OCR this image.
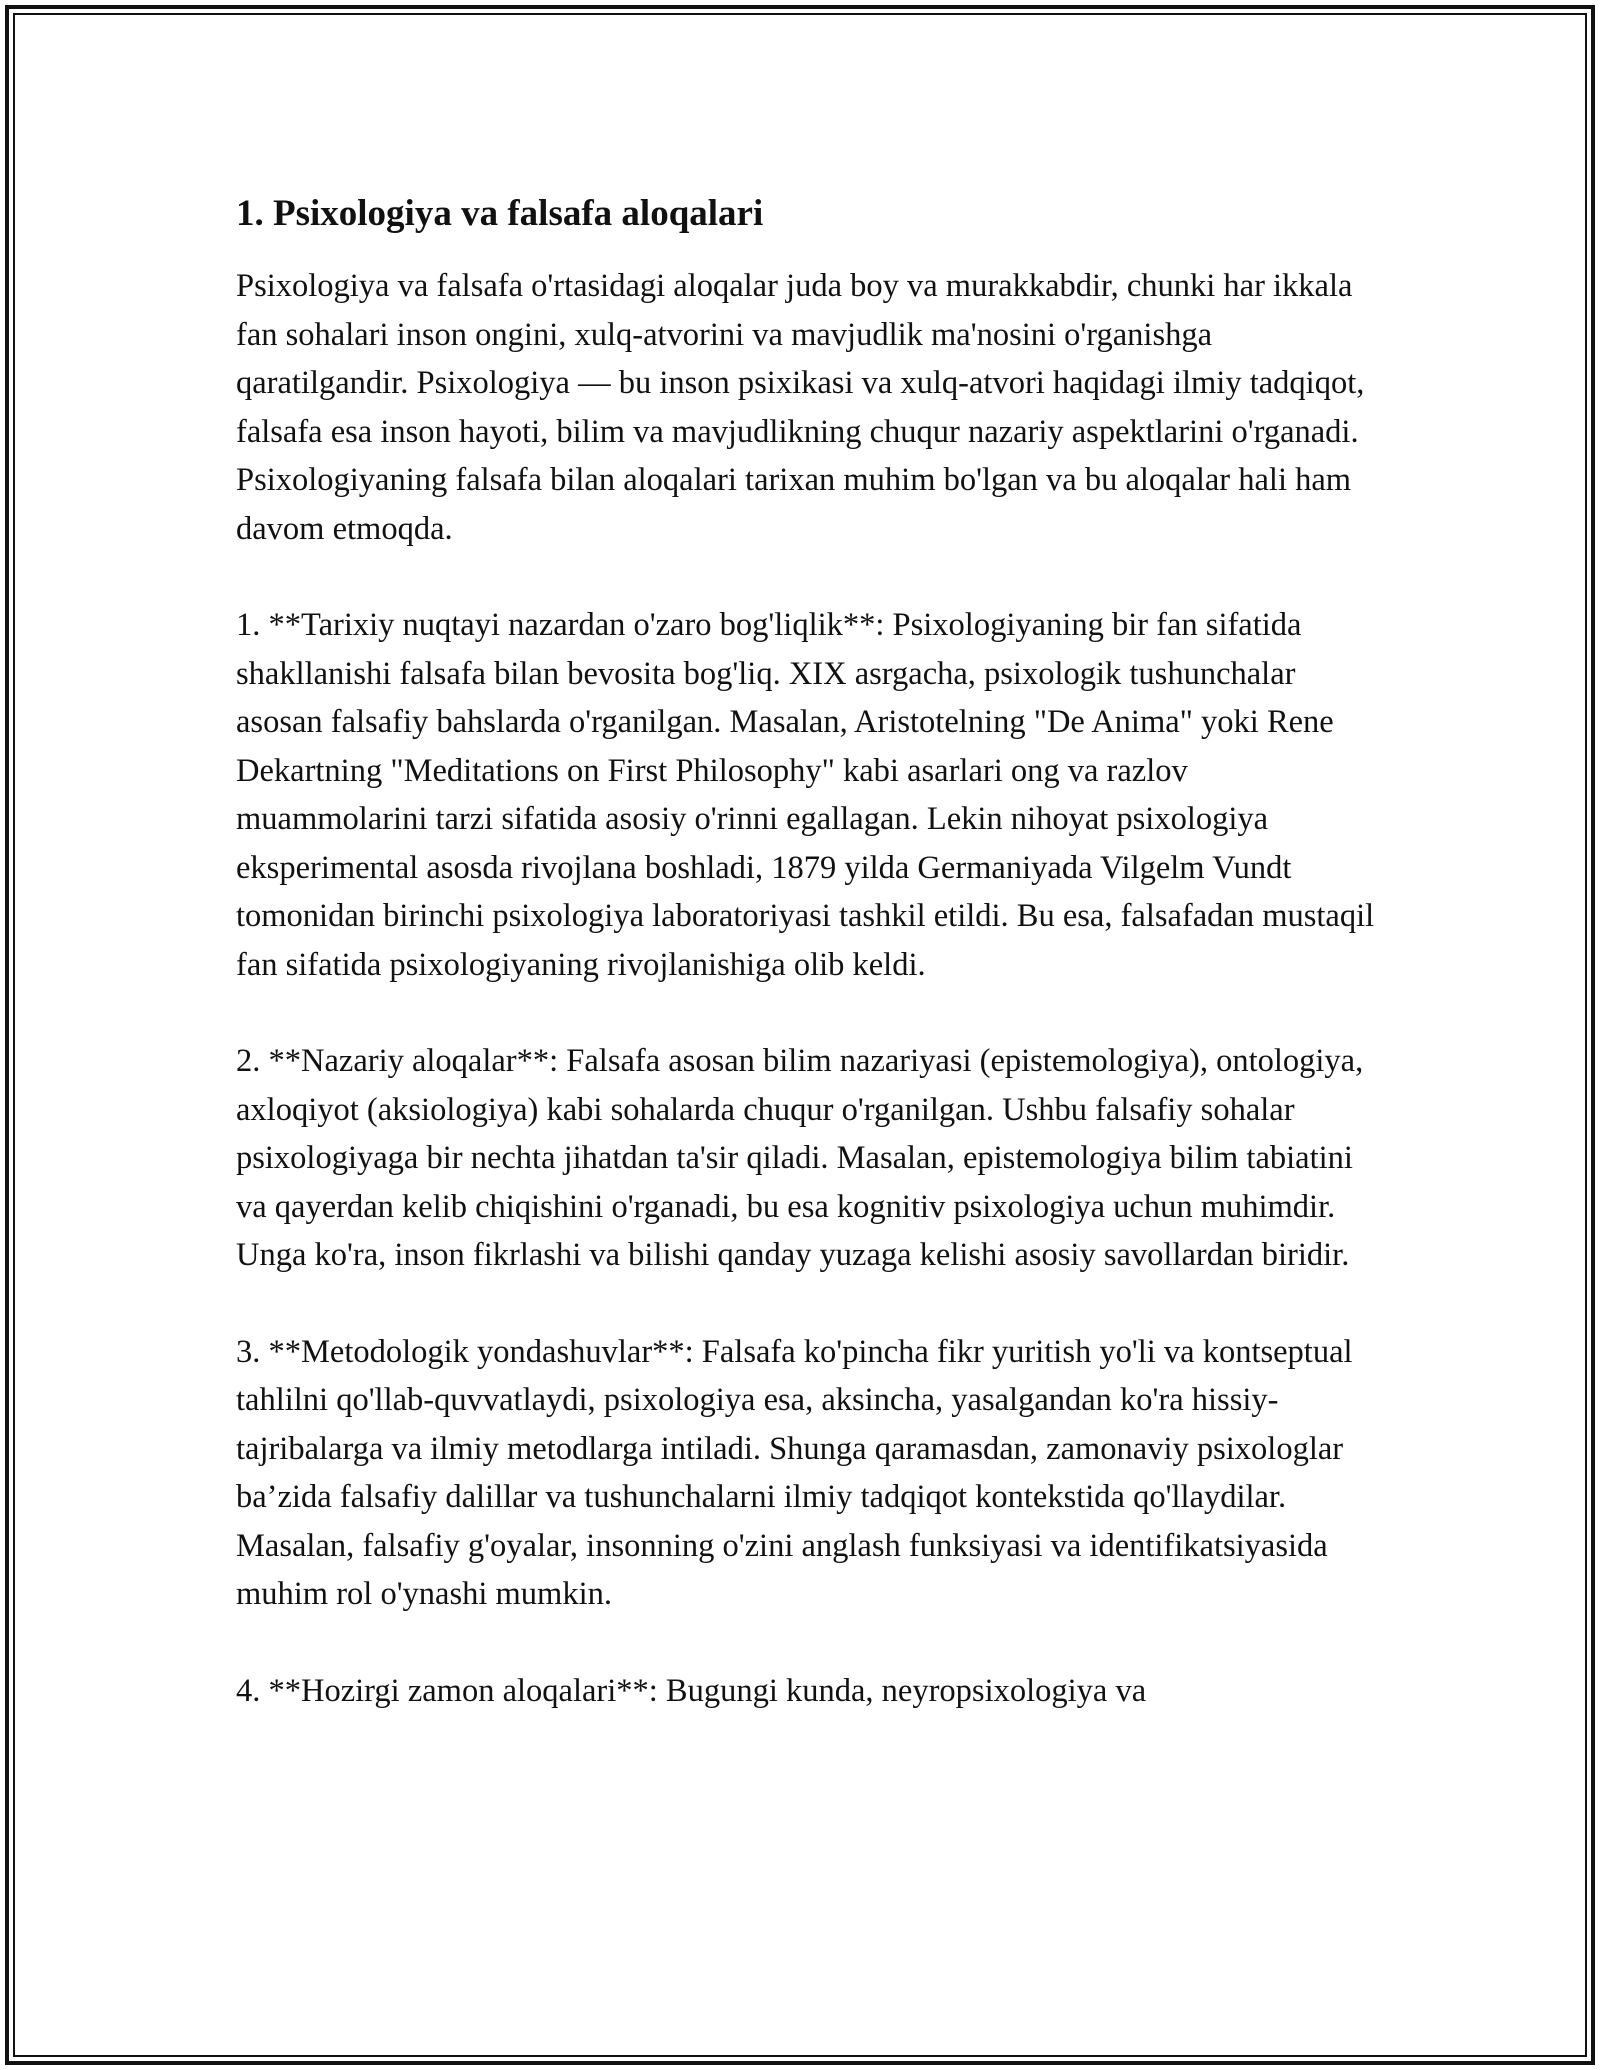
1. Psixologiya va falsafa aloqalari

Psixologiya va falsafa o'rtasidagi aloqalar juda boy va murakkabdir, chunki har ikkala fan sohalari inson ongini, xulq-atvorini va mavjudlik ma'nosini o'rganishga qaratilgandir. Psixologiya — bu inson psixikasi va xulq-atvori haqidagi ilmiy tadqiqot, falsafa esa inson hayoti, bilim va mavjudlikning chuqur nazariy aspektlarini o'rganadi. Psixologiyaning falsafa bilan aloqalari tarixan muhim bo'lgan va bu aloqalar hali ham davom etmoqda.

1. **Tarixiy nuqtayi nazardan o'zaro bog'liqlik**: Psixologiyaning bir fan sifatida shakllanishi falsafa bilan bevosita bog'liq. XIX asrgacha, psixologik tushunchalar asosan falsafiy bahslarda o'rganilgan. Masalan, Aristotelning "De Anima" yoki Rene Dekartning "Meditations on First Philosophy" kabi asarlari ong va razlov muammolarini tarzi sifatida asosiy o'rinni egallagan. Lekin nihoyat psixologiya eksperimental asosda rivojlana boshladi, 1879 yilda Germaniyada Vilgelm Vundt tomonidan birinchi psixologiya laboratoriyasi tashkil etildi. Bu esa, falsafadan mustaqil fan sifatida psixologiyaning rivojlanishiga olib keldi.

2. **Nazariy aloqalar**: Falsafa asosan bilim nazariyasi (epistemologiya), ontologiya, axloqiyot (aksiologiya) kabi sohalarda chuqur o'rganilgan. Ushbu falsafiy sohalar psixologiyaga bir nechta jihatdan ta'sir qiladi. Masalan, epistemologiya bilim tabiatini va qayerdan kelib chiqishini o'rganadi, bu esa kognitiv psixologiya uchun muhimdir. Unga ko'ra, inson fikrlashi va bilishi qanday yuzaga kelishi asosiy savollardan biridir.

3. **Metodologik yondashuvlar**: Falsafa ko'pincha fikr yuritish yo'li va kontseptual tahlilni qo'llab-quvvatlaydi, psixologiya esa, aksincha, yasalgandan ko'ra hissiy-tajribalarga va ilmiy metodlarga intiladi. Shunga qaramasdan, zamonaviy psixologlar ba’zida falsafiy dalillar va tushunchalarni ilmiy tadqiqot kontekstida qo'llaydilar. Masalan, falsafiy g'oyalar, insonning o'zini anglash funksiyasi va identifikatsiyasida muhim rol o'ynashi mumkin.

4. **Hozirgi zamon aloqalari**: Bugungi kunda, neyropsixologiya va
